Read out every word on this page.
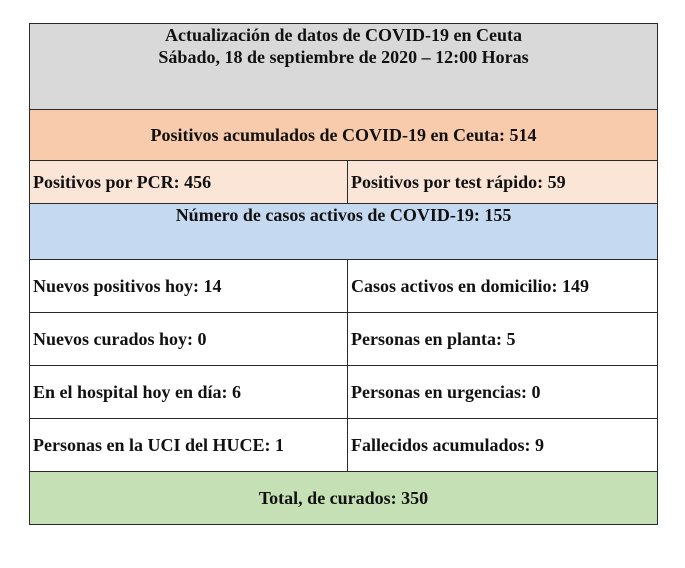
Actualización de datos de COVID-19 en Ceuta
Sábado, 18 de septiembre de 2020 – 12:00 Horas	

Positivos acumulados de COVID-19 en Ceuta: 514	
Positivos por PCR: 456	Positivos por test rápido: 59
Número de casos activos de COVID-19: 155	
Nuevos positivos hoy: 14	Casos activos en domicilio: 149
Nuevos curados hoy: 0	Personas en planta: 5
En el hospital hoy en día: 6	Personas en urgencias: 0
Personas en la UCI del HUCE: 1	Fallecidos acumulados: 9
Total, de curados: 350	
